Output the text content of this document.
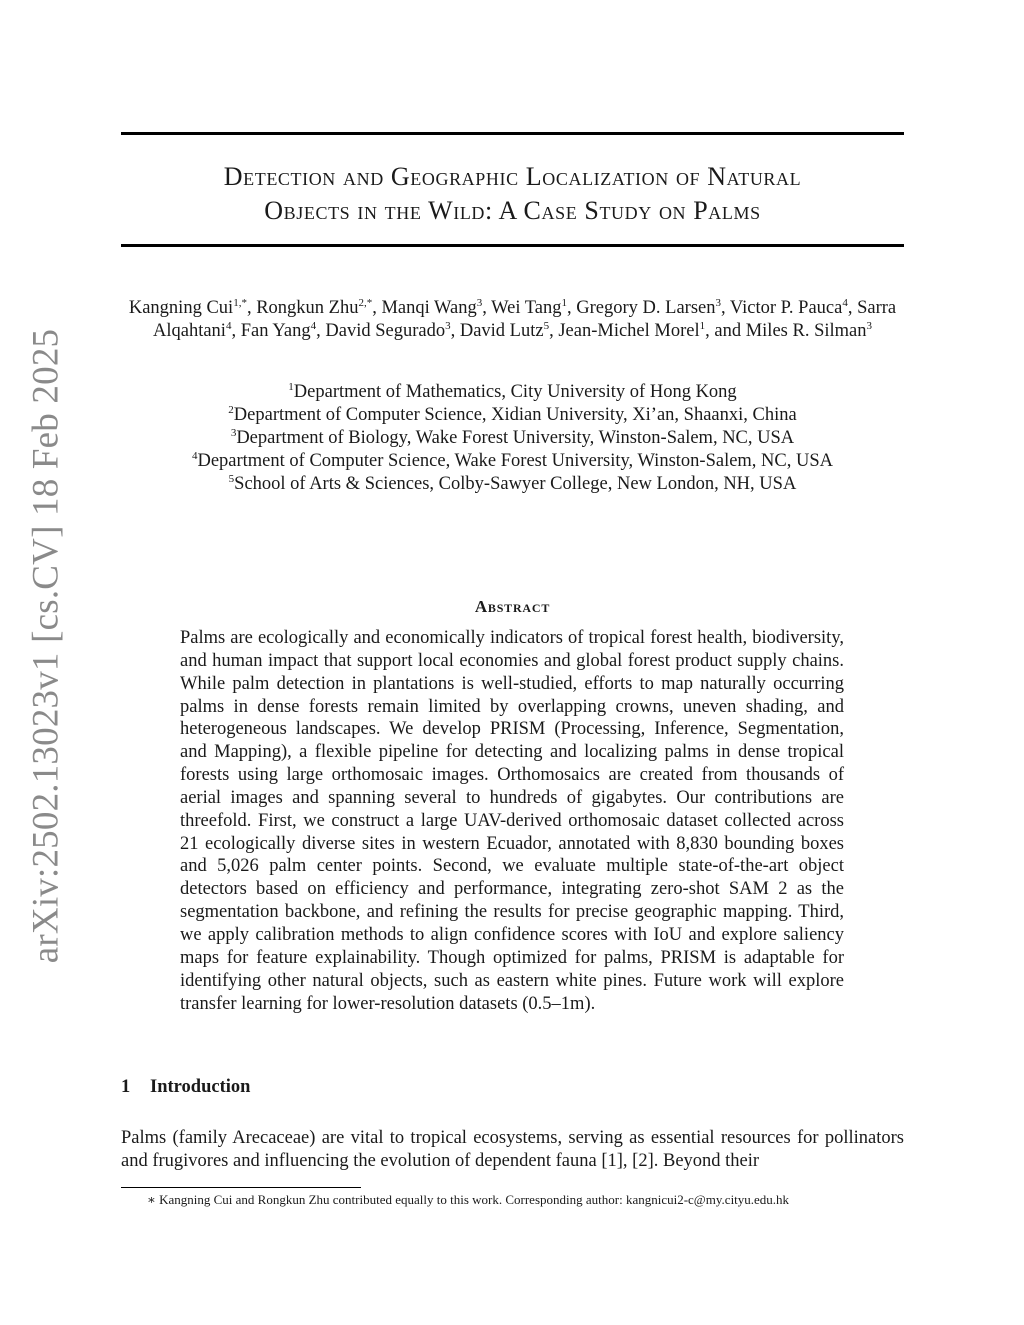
arXiv:2502.13023v1 [cs.CV] 18 Feb 2025
Detection and Geographic Localization of Natural
Objects in the Wild: A Case Study on Palms
Kangning Cui$^{1,*}$, Rongkun Zhu$^{2,*}$, Manqi Wang$^3$, Wei Tang$^1$, Gregory D. Larsen$^3$, Victor P. Pauca$^4$, Sarra Alqahtani$^4$, Fan Yang$^4$, David Segurado$^3$, David Lutz$^5$, Jean-Michel Morel$^1$, and Miles R. Silman$^3$
$^1$Department of Mathematics, City University of Hong Kong
$^2$Department of Computer Science, Xidian University, Xi’an, Shaanxi, China
$^3$Department of Biology, Wake Forest University, Winston-Salem, NC, USA
$^4$Department of Computer Science, Wake Forest University, Winston-Salem, NC, USA
$^5$School of Arts & Sciences, Colby-Sawyer College, New London, NH, USA
Abstract
Palms are ecologically and economically indicators of tropical forest health, biodiversity, and human impact that support local economies and global forest product supply chains. While palm detection in plantations is well-studied, efforts to map naturally occurring palms in dense forests remain limited by overlapping crowns, uneven shading, and heterogeneous landscapes. We develop PRISM (Processing, Inference, Segmentation, and Mapping), a flexible pipeline for detecting and localizing palms in dense tropical forests using large orthomosaic images. Orthomosaics are created from thousands of aerial images and spanning several to hundreds of gigabytes. Our contributions are threefold. First, we construct a large UAV-derived orthomosaic dataset collected across 21 ecologically diverse sites in western Ecuador, annotated with 8,830 bounding boxes and 5,026 palm center points. Second, we evaluate multiple state-of-the-art object detectors based on efficiency and performance, integrating zero-shot SAM 2 as the segmentation backbone, and refining the results for precise geographic mapping. Third, we apply calibration methods to align confidence scores with IoU and explore saliency maps for feature explainability. Though optimized for palms, PRISM is adaptable for identifying other natural objects, such as eastern white pines. Future work will explore transfer learning for lower-resolution datasets (0.5–1m).
1 Introduction
Palms (family Arecaceae) are vital to tropical ecosystems, serving as essential resources for pollinators and frugivores and influencing the evolution of dependent fauna [1], [2]. Beyond their
∗ Kangning Cui and Rongkun Zhu contributed equally to this work. Corresponding author: kangnicui2-c@my.cityu.edu.hk
